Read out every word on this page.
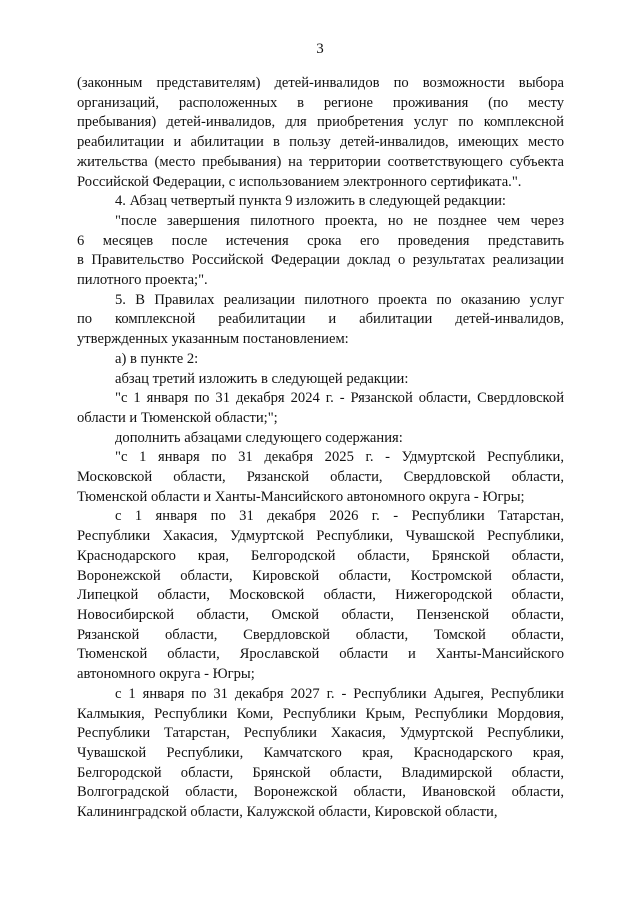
3
(законным представителям) детей-инвалидов по возможности выбора
организаций, расположенных в регионе проживания (по месту
пребывания) детей-инвалидов, для приобретения услуг по комплексной
реабилитации и абилитации в пользу детей-инвалидов, имеющих место
жительства (место пребывания) на территории соответствующего субъекта
Российской Федерации, с использованием электронного сертификата.".
4. Абзац четвертый пункта 9 изложить в следующей редакции:
"после завершения пилотного проекта, но не позднее чем через
6 месяцев после истечения срока его проведения представить
в Правительство Российской Федерации доклад о результатах реализации
пилотного проекта;".
5. В Правилах реализации пилотного проекта по оказанию услуг
по комплексной реабилитации и абилитации детей-инвалидов,
утвержденных указанным постановлением:
а) в пункте 2:
абзац третий изложить в следующей редакции:
"с 1 января по 31 декабря 2024 г. - Рязанской области, Свердловской
области и Тюменской области;";
дополнить абзацами следующего содержания:
"с 1 января по 31 декабря 2025 г. - Удмуртской Республики,
Московской области, Рязанской области, Свердловской области,
Тюменской области и Ханты-Мансийского автономного округа - Югры;
с 1 января по 31 декабря 2026 г. - Республики Татарстан,
Республики Хакасия, Удмуртской Республики, Чувашской Республики,
Краснодарского края, Белгородской области, Брянской области,
Воронежской области, Кировской области, Костромской области,
Липецкой области, Московской области, Нижегородской области,
Новосибирской области, Омской области, Пензенской области,
Рязанской области, Свердловской области, Томской области,
Тюменской области, Ярославской области и Ханты-Мансийского
автономного округа - Югры;
с 1 января по 31 декабря 2027 г. - Республики Адыгея, Республики
Калмыкия, Республики Коми, Республики Крым, Республики Мордовия,
Республики Татарстан, Республики Хакасия, Удмуртской Республики,
Чувашской Республики, Камчатского края, Краснодарского края,
Белгородской области, Брянской области, Владимирской области,
Волгоградской области, Воронежской области, Ивановской области,
Калининградской области, Калужской области, Кировской области,
